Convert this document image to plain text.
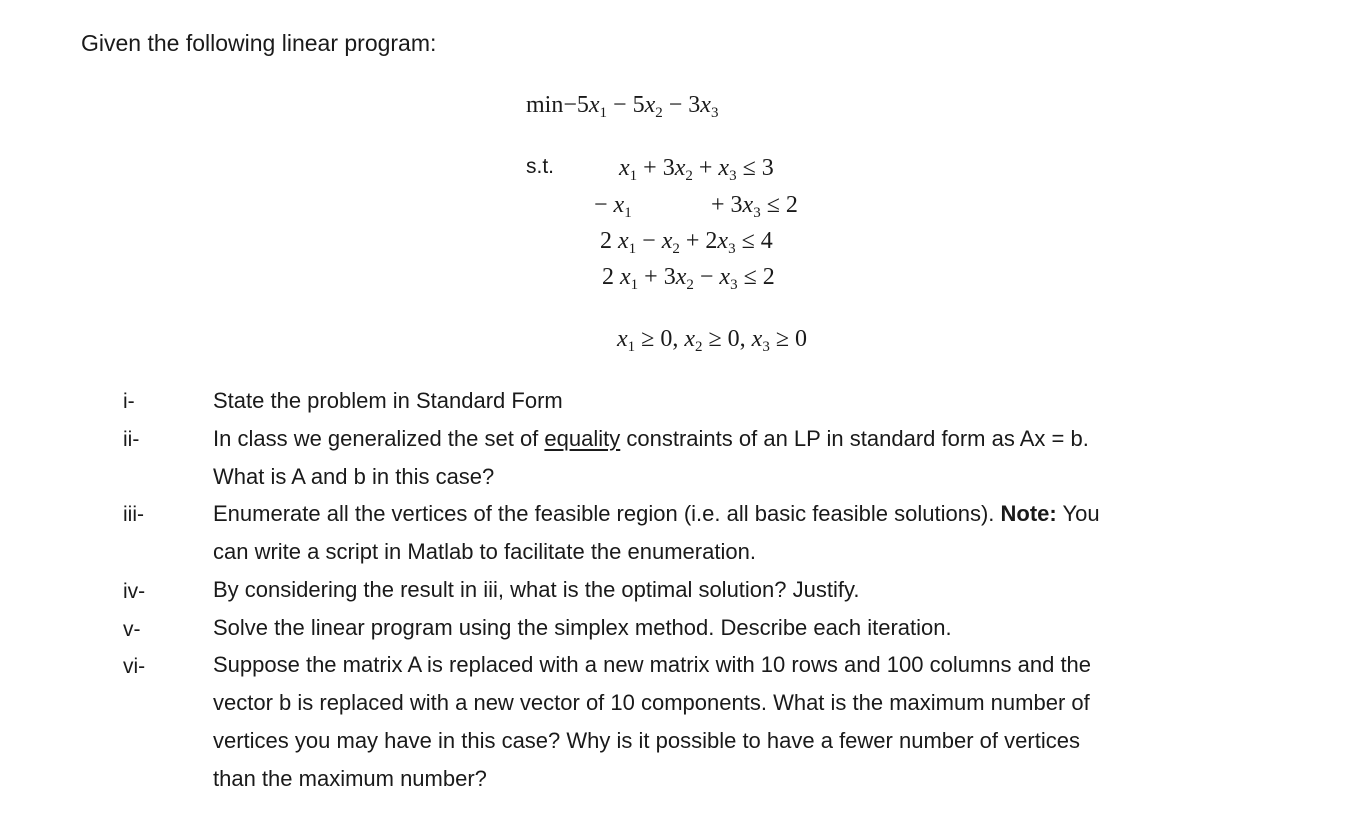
Given the following linear program:
$\min-5x_1 - 5x_2 - 3x_3$
s.t.	$x_1 + 3x_2 + x_3 \le 3$
− $x_1$	+ $3x_3 \le 2$
2 $x_1 - x_2 + 2x_3 \le 4$
2 $x_1 + 3x_2 - x_3 \le 2$
$x_1 \ge 0$, $x_2 \ge 0$, $x_3 \ge 0$
i-	State the problem in Standard Form
ii-	In class we generalized the set of equality constraints of an LP in standard form as Ax = b.
What is A and b in this case?
iii-	Enumerate all the vertices of the feasible region (i.e. all basic feasible solutions). Note: You
can write a script in Matlab to facilitate the enumeration.
iv-	By considering the result in iii, what is the optimal solution? Justify.
v-	Solve the linear program using the simplex method. Describe each iteration.
vi-	Suppose the matrix A is replaced with a new matrix with 10 rows and 100 columns and the
vector b is replaced with a new vector of 10 components. What is the maximum number of
vertices you may have in this case? Why is it possible to have a fewer number of vertices
than the maximum number?
